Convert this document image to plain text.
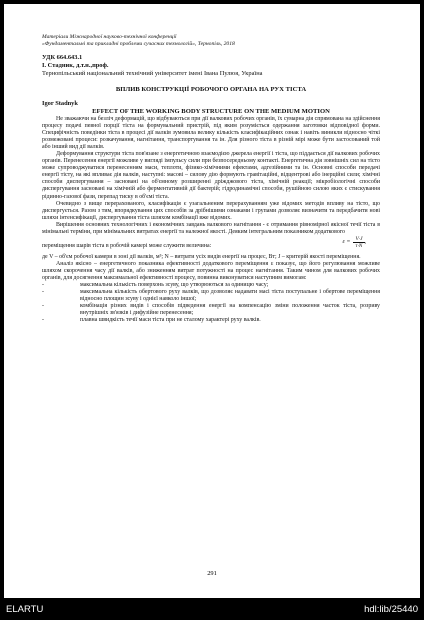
Матеріали Міжнародної науково-технічної конференції
«Фундаментальні та прикладні проблеми сучасних технологій», Тернопіль, 2018
УДК 664.643.1
І. Стадник, д.т.н.,проф.
Тернопільський національний технічний університет імені Івана Пулюя, Україна
ВПЛИВ КОНСТРУКЦІЇ РОБОЧОГО ОРГАНА НА РУХ ТІСТА
Igor Stadnyk
EFFECT OF THE WORKING BODY STRUCTURE ON THE MEDIUM MOTION

Не зважаючи на безліч деформацій, що відбуваються при дії валкових робочих органів, їх сумарна дія спрямована на здійснення процесу подачі певної порції тіста на формувальний пристрій, під яким розуміється одержання заготовки відповідної форми. Специфічність поведінки тіста в процесі дії валків зумовила велику кількість класифікаційних ознак і навіть виникли відносно чіткі розмежовані процеси: розкачування, нагнітання, транспортування та ін. Для різного тіста в різній мірі може бути застосований той або інший вид дії валків.

Деформування структури тіста пов'язане з енергетичною взаємодією джерела енергії і тіста, що піддається дії валкових робочих органів. Перенесення енергії можливе у вигляді імпульсу сили при безпосередньому контакті. Енергетична дія зовнішніх сил на тісто може супроводжуватися перенесенням маси, теплоти, фізико-хімічними ефектами, адгезійними та ін. Основні способи передачі енергії тісту, на які впливає дія валків, наступні: масові – силову дію формують гравітаційні, відцентрові або інерційні сили; хімічні способи диспергування – засновані на об'ємному розширенні дріжджового тіста, хімічній реакції; мікробіологічні способи диспергування засновані на хімічній або ферментативній дії бактерій; гідродинамічні способи, рушійною силою яких є стискування рідинно-газової фази, перепад тиску в об'ємі тіста.

Очевидно з вище перерахованого, класифікація є узагальненим перерахуванням уже відомих методів впливу на тісто, що диспергується. Разом з тим, впорядкування цих способів за дрібнішими ознаками і групами дозволяє визначити та передбачити нові шляхи інтенсифікації, диспергування тіста шляхом комбінації вже відомих.

Вирішення основних технологічних і економічних завдань валкового нагнітання - є отримання рівномірної якісної течії тіста в мінімальні терміни, при мінімальних витратах енергії та належної якості. Деяким інтегральним показником додаткового

переміщення шарів тіста в робочій камері може служити величина:
$\varepsilon = \frac{V\cdot J}{\tau\cdot N}$ ,

де V – об'єм робочої камери в зоні дії валків, м³; N – витрати усіх видів енергії на процес, Вт; J – критерій якості переміщення.

Аналіз якісно – енергетичного показника ефективності додаткового переміщення ε показує, що його регулювання можливе шляхом скорочення часу дії валків, або зниженням витрат потужності на процес нагнітання. Таким чином для валкових робочих органів, для досягнення максимальної ефективності процесу, повинна виконуватися наступним вимогам:

-	максимальна кількість поверхонь зсуву, що утворюються за одиницю часу;
-	максимальна кількість обертового руху валків, що дозволяє надавати масі тіста поступальне і обертове переміщення відносно площин зсуву і однієї навколо іншої;
-	комбінація різних видів і способів підведення енергії на компенсацію зміни положення часток тіста, розриву внутрішніх зв'язків і дифузійне перенесення;
-	плавна швидкість течії маси тіста при не сталому характері руху валків.
291
ELARTU	hdl:lib/25440
